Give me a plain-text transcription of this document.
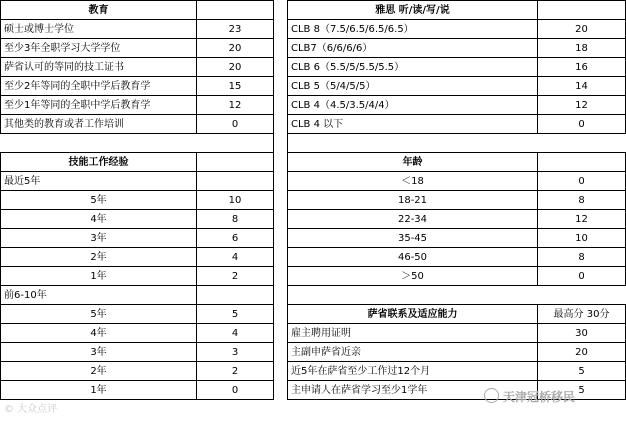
教育			雅思 听/读/写/说	
硕士或博士学位	23		CLB 8（7.5/6.5/6.5/6.5）	20
至少3年全职学习大学学位	20		CLB7（6/6/6/6）	18
萨省认可的等同的技工证书	20		CLB 6（5.5/5/5.5/5.5）	16
至少2年等同的全职中学后教育学	15		CLB 5（5/4/5/5）	14
至少1年等同的全职中学后教育学	12		CLB 4（4.5/3.5/4/4）	12
其他类的教育或者工作培训	0		CLB 4 以下	0

技能工作经验			年龄	
最近5年			＜18	0
5年	10		18-21	8
4年	8		22-34	12
3年	6		35-45	10
2年	4		46-50	8
1年	2		＞50	0
前6-10年				
5年	5		萨省联系及适应能力	最高分 30分
4年	4		雇主聘用证明	30
3年	3		主副申萨省近亲	20
2年	2		近5年在萨省至少工作过12个月	5
1年	0		主申请人在萨省学习至少1学年	5
© 大众点评
天津冠桥移民
